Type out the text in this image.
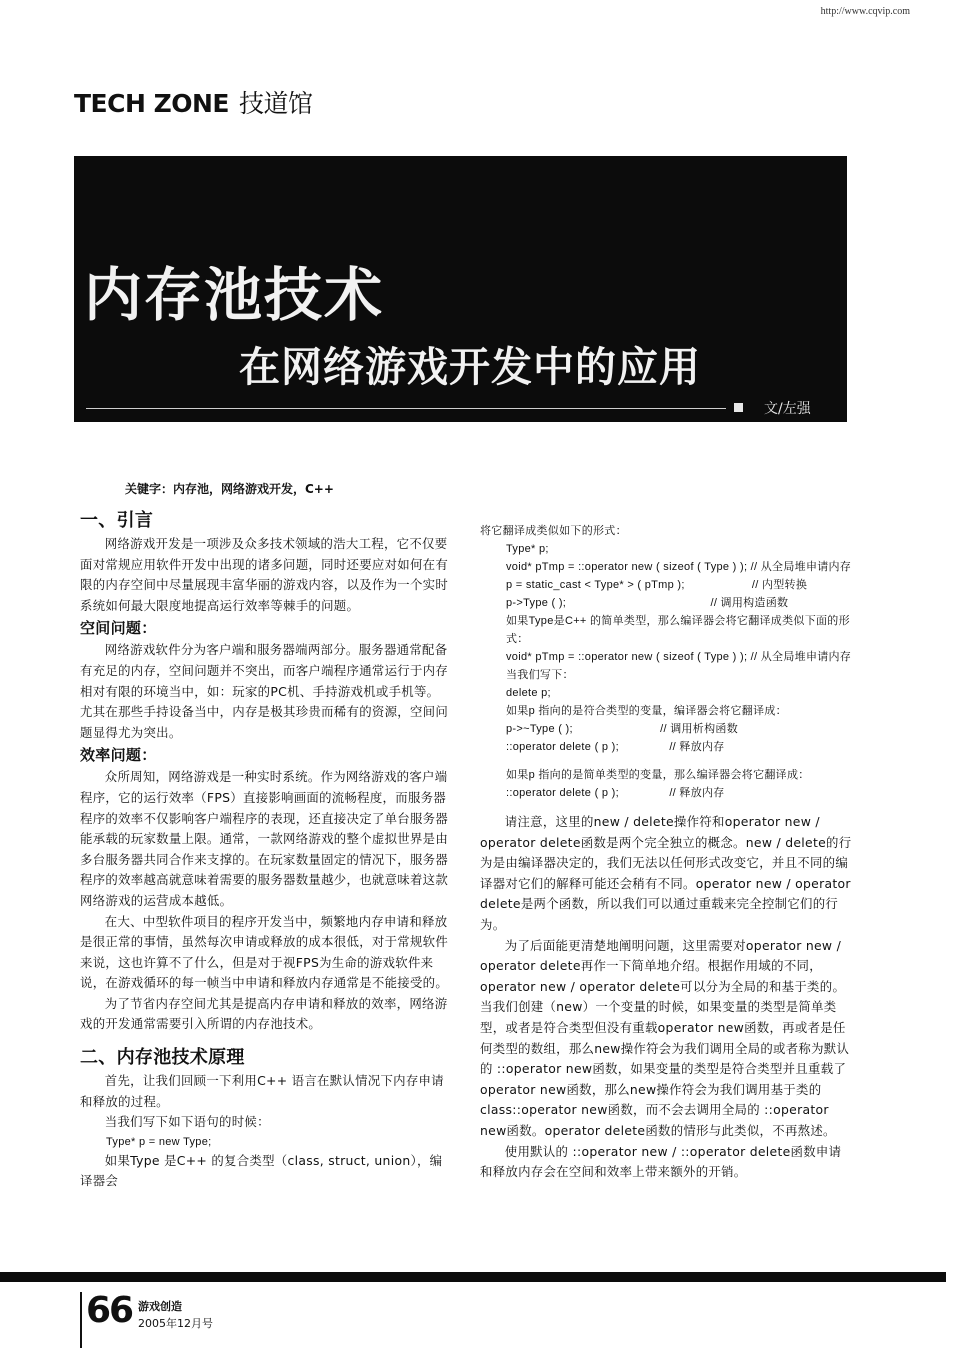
http://www.cqvip.com
TECH ZONE 技道馆
内存池技术
在网络游戏开发中的应用
文/左强
关键字：内存池，网络游戏开发，C++
一、引言

网络游戏开发是一项涉及众多技术领域的浩大工程，它不仅要面对常规应用软件开发中出现的诸多问题，同时还要应对如何在有限的内存空间中尽量展现丰富华丽的游戏内容，以及作为一个实时系统如何最大限度地提高运行效率等棘手的问题。

空间问题：

网络游戏软件分为客户端和服务器端两部分。服务器通常配备有充足的内存，空间问题并不突出，而客户端程序通常运行于内存相对有限的环境当中，如：玩家的PC机、手持游戏机或手机等。尤其在那些手持设备当中，内存是极其珍贵而稀有的资源，空间问题显得尤为突出。

效率问题：

众所周知，网络游戏是一种实时系统。作为网络游戏的客户端程序，它的运行效率（FPS）直接影响画面的流畅程度，而服务器程序的效率不仅影响客户端程序的表现，还直接决定了单台服务器能承载的玩家数量上限。通常，一款网络游戏的整个虚拟世界是由多台服务器共同合作来支撑的。在玩家数量固定的情况下，服务器程序的效率越高就意味着需要的服务器数量越少，也就意味着这款网络游戏的运营成本越低。

在大、中型软件项目的程序开发当中，频繁地内存申请和释放是很正常的事情，虽然每次申请或释放的成本很低，对于常规软件来说，这也许算不了什么，但是对于视FPS为生命的游戏软件来说，在游戏循环的每一帧当中申请和释放内存通常是不能接受的。

为了节省内存空间尤其是提高内存申请和释放的效率，网络游戏的开发通常需要引入所谓的内存池技术。

二、内存池技术原理

首先，让我们回顾一下利用C++ 语言在默认情况下内存申请和释放的过程。

当我们写下如下语句的时候：

Type* p = new Type;

如果Type 是C++ 的复合类型（class, struct, union），编译器会

将它翻译成类似如下的形式：

Type* p;

void* pTmp = ::operator new ( sizeof ( Type ) ); // 从全局堆申请内存

p = static_cast < Type* > ( pTmp );                    // 内型转换

p->Type ( );                                           // 调用构造函数

如果Type是C++ 的简单类型，那么编译器会将它翻译成类似下面的形式：

void* pTmp = ::operator new ( sizeof ( Type ) ); // 从全局堆申请内存

当我们写下：

delete p;

如果p 指向的是符合类型的变量，编译器会将它翻译成：

p->~Type ( );                          // 调用析构函数

::operator delete ( p );               // 释放内存

如果p 指向的是简单类型的变量，那么编译器会将它翻译成：

::operator delete ( p );               // 释放内存

请注意，这里的new / delete操作符和operator new / operator delete函数是两个完全独立的概念。new / delete的行为是由编译器决定的，我们无法以任何形式改变它，并且不同的编译器对它们的解释可能还会稍有不同。operator new / operator delete是两个函数，所以我们可以通过重载来完全控制它们的行为。

为了后面能更清楚地阐明问题，这里需要对operator new / operator delete再作一下简单地介绍。根据作用域的不同，operator new / operator delete可以分为全局的和基于类的。当我们创建（new）一个变量的时候，如果变量的类型是简单类型，或者是符合类型但没有重载operator new函数，再或者是任何类型的数组，那么new操作符会为我们调用全局的或者称为默认的 ::operator new函数，如果变量的类型是符合类型并且重载了operator new函数，那么new操作符会为我们调用基于类的class::operator new函数，而不会去调用全局的 ::operator new函数。operator delete函数的情形与此类似，不再熬述。

使用默认的 ::operator new / ::operator delete函数申请和释放内存会在空间和效率上带来额外的开销。

66 游戏创造
2005年12月号
